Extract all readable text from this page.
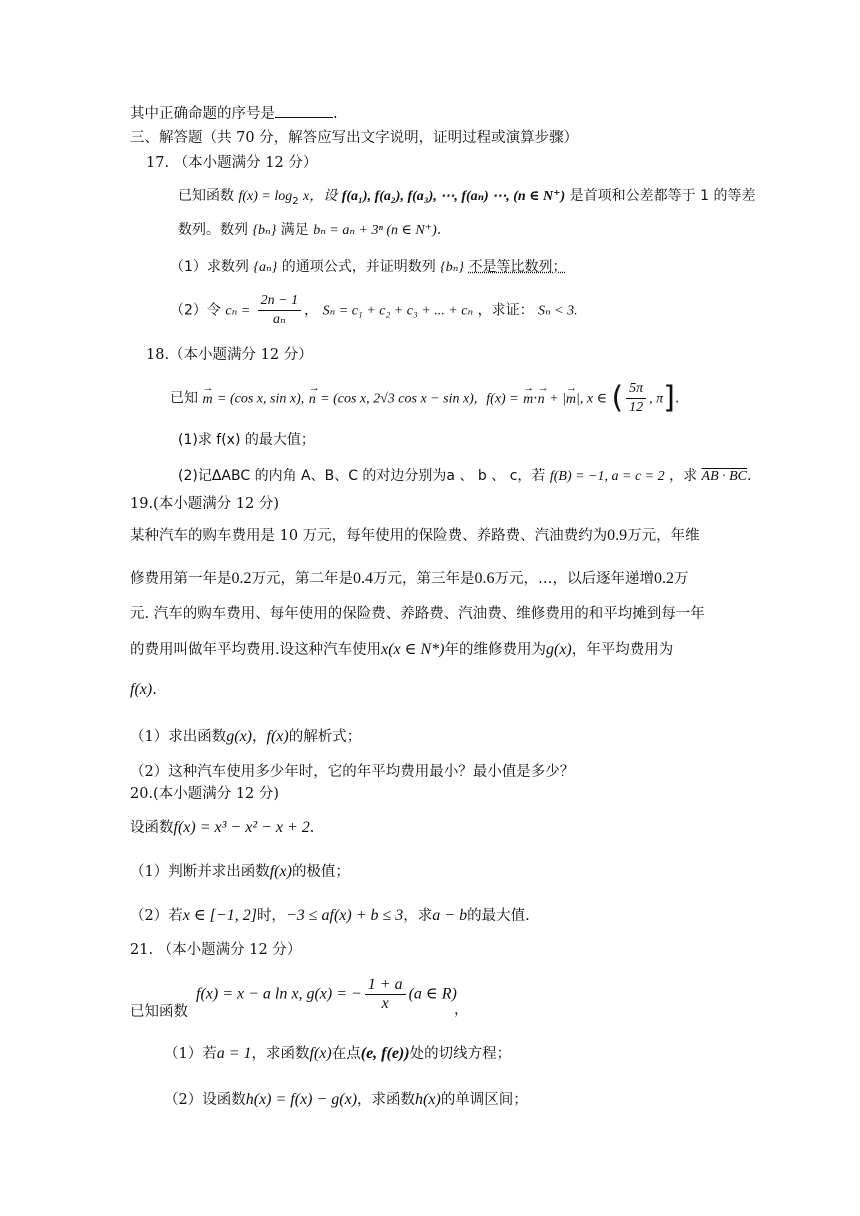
其中正确命题的序号是	.
三、解答题（共 70 分，解答应写出文字说明，证明过程或演算步骤）
17. （本小题满分 12 分）
已知函数 $f(x) = \log_2 x$，设 f(a₁), f(a₂), f(a₃), ⋯, f(aₙ) ⋯, (n ∈ N⁺) 是首项和公差都等于 1 的等差
数列。数列 {bₙ} 满足 bₙ = aₙ + 3ⁿ (n ∈ N⁺).
（1）求数列 {aₙ} 的通项公式，并证明数列 {bₙ} 不是等比数列；
（2）令 $c_n = \frac{2n - 1}{\text{aₙ}}$ ， Sₙ = c₁ + c₂ + c₃ + ... + cₙ ，求证： Sₙ < 3.
18.（本小题满分 12 分）
已知 → m = (cos x, sin x), → n = (cos x, 2√3 cos x − sin x), f(x) = → m·→ n + |→ m|, x ∈ ( $\frac{5\pi}{12}$ , π].
(1)求 f(x) 的最大值；
(2)记ΔABC 的内角 A、B、C 的对边分别为a 、 b 、 c，若 f(B) = −1, a = c = 2 ，求 AB · BC.
19.(本小题满分 12 分)
某种汽车的购车费用是 10 万元，每年使用的保险费、养路费、汽油费约为0.9万元，年维
修费用第一年是0.2万元，第二年是0.4万元，第三年是0.6万元，…，以后逐年递增0.2万
元. 汽车的购车费用、每年使用的保险费、养路费、汽油费、维修费用的和平均摊到每一年
的费用叫做年平均费用.设这种汽车使用x(x ∈ N*)年的维修费用为g(x)，年平均费用为
f(x).
（1）求出函数g(x)，f(x)的解析式；
（2）这种汽车使用多少年时，它的年平均费用最小？最小值是多少？
20.(本小题满分 12 分)
设函数f(x) = x³ − x² − x + 2.
（1）判断并求出函数f(x)的极值；
（2）若x ∈ [−1, 2]时，−3 ≤ af(x) + b ≤ 3，求a − b的最大值.
21. （本小题满分 12 分）
f(x) = x − a ln x, g(x) = − $\frac{1 + a}{x} (a$ ∈ R)
已知函数	，
（1）若a = 1，求函数f(x)在点(e, f(e))处的切线方程；
（2）设函数h(x) = f(x) − g(x)，求函数h(x)的单调区间；
